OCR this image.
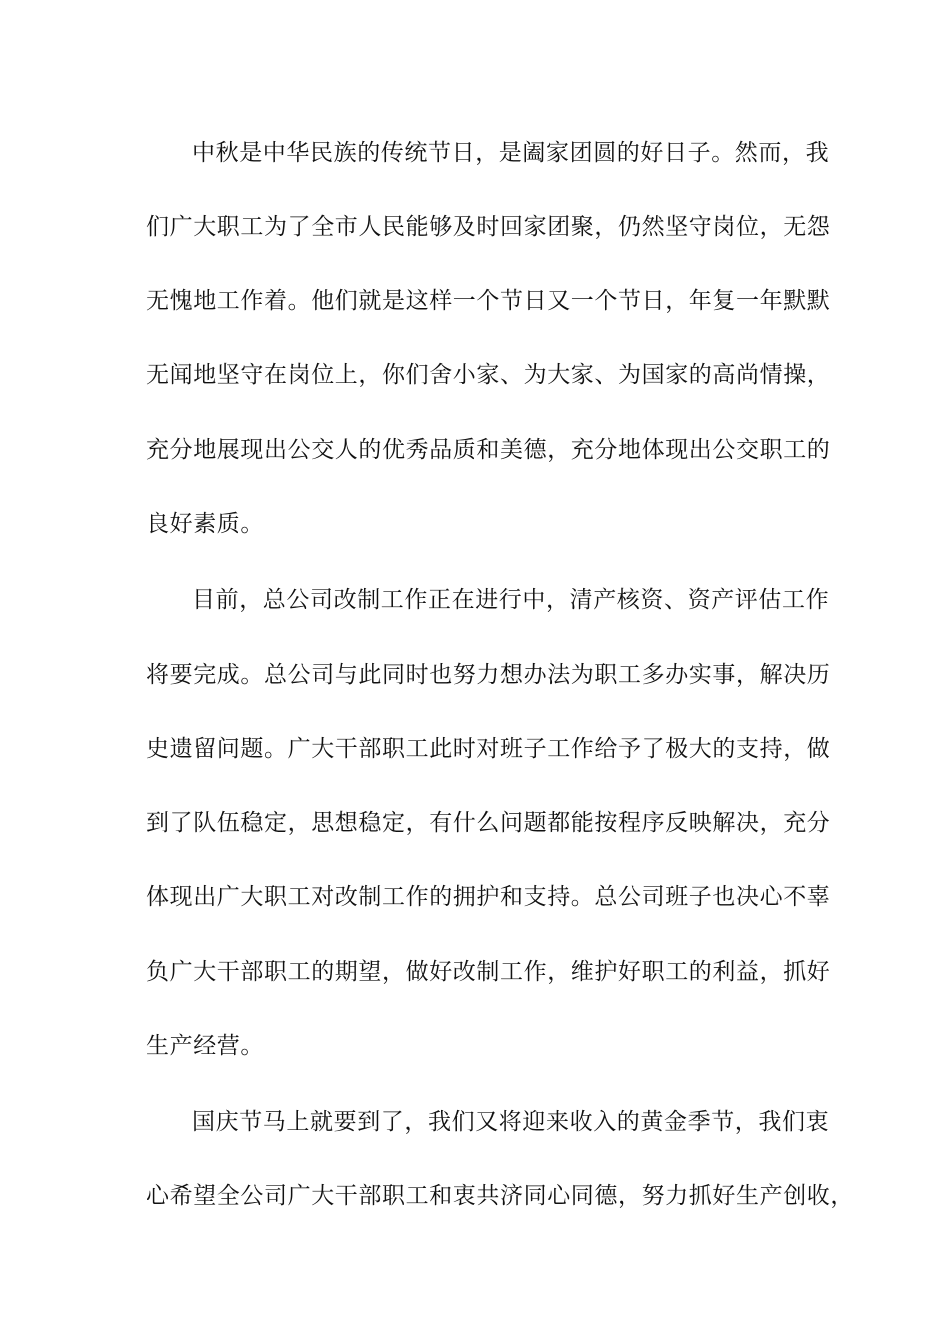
中秋是中华民族的传统节日，是阖家团圆的好日子。然而，我
们广大职工为了全市人民能够及时回家团聚，仍然坚守岗位，无怨
无愧地工作着。他们就是这样一个节日又一个节日，年复一年默默
无闻地坚守在岗位上，你们舍小家、为大家、为国家的高尚情操，
充分地展现出公交人的优秀品质和美德，充分地体现出公交职工的
良好素质。
目前，总公司改制工作正在进行中，清产核资、资产评估工作
将要完成。总公司与此同时也努力想办法为职工多办实事，解决历
史遗留问题。广大干部职工此时对班子工作给予了极大的支持，做
到了队伍稳定，思想稳定，有什么问题都能按程序反映解决，充分
体现出广大职工对改制工作的拥护和支持。总公司班子也决心不辜
负广大干部职工的期望，做好改制工作，维护好职工的利益，抓好
生产经营。
国庆节马上就要到了，我们又将迎来收入的黄金季节，我们衷
心希望全公司广大干部职工和衷共济同心同德，努力抓好生产创收，
